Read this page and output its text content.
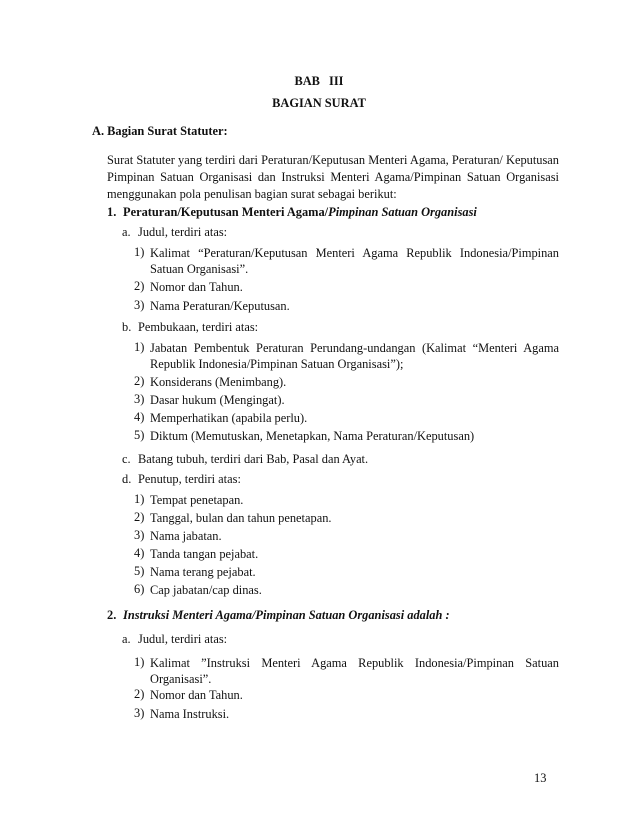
BAB III
BAGIAN SURAT
A. Bagian Surat Statuter:
Surat Statuter yang terdiri dari Peraturan/Keputusan Menteri Agama, Peraturan/ Keputusan Pimpinan Satuan Organisasi dan Instruksi Menteri Agama/Pimpinan Satuan Organisasi menggunakan pola penulisan bagian surat sebagai berikut:
1. Peraturan/Keputusan Menteri Agama/Pimpinan Satuan Organisasi
a. Judul, terdiri atas:
1) Kalimat “Peraturan/Keputusan Menteri Agama Republik Indonesia/Pimpinan Satuan Organisasi”.
2) Nomor dan Tahun.
3) Nama Peraturan/Keputusan.
b. Pembukaan, terdiri atas:
1) Jabatan Pembentuk Peraturan Perundang-undangan (Kalimat “Menteri Agama Republik Indonesia/Pimpinan Satuan Organisasi”);
2) Konsiderans (Menimbang).
3) Dasar hukum (Mengingat).
4) Memperhatikan (apabila perlu).
5) Diktum (Memutuskan, Menetapkan, Nama Peraturan/Keputusan)
c. Batang tubuh, terdiri dari Bab, Pasal dan Ayat.
d. Penutup, terdiri atas:
1) Tempat penetapan.
2) Tanggal, bulan dan tahun penetapan.
3) Nama jabatan.
4) Tanda tangan pejabat.
5) Nama terang pejabat.
6) Cap jabatan/cap dinas.
2. Instruksi Menteri Agama/Pimpinan Satuan Organisasi adalah :
a. Judul, terdiri atas:
1) Kalimat ”Instruksi Menteri Agama Republik Indonesia/Pimpinan Satuan Organisasi”.
2) Nomor dan Tahun.
3) Nama Instruksi.
13
